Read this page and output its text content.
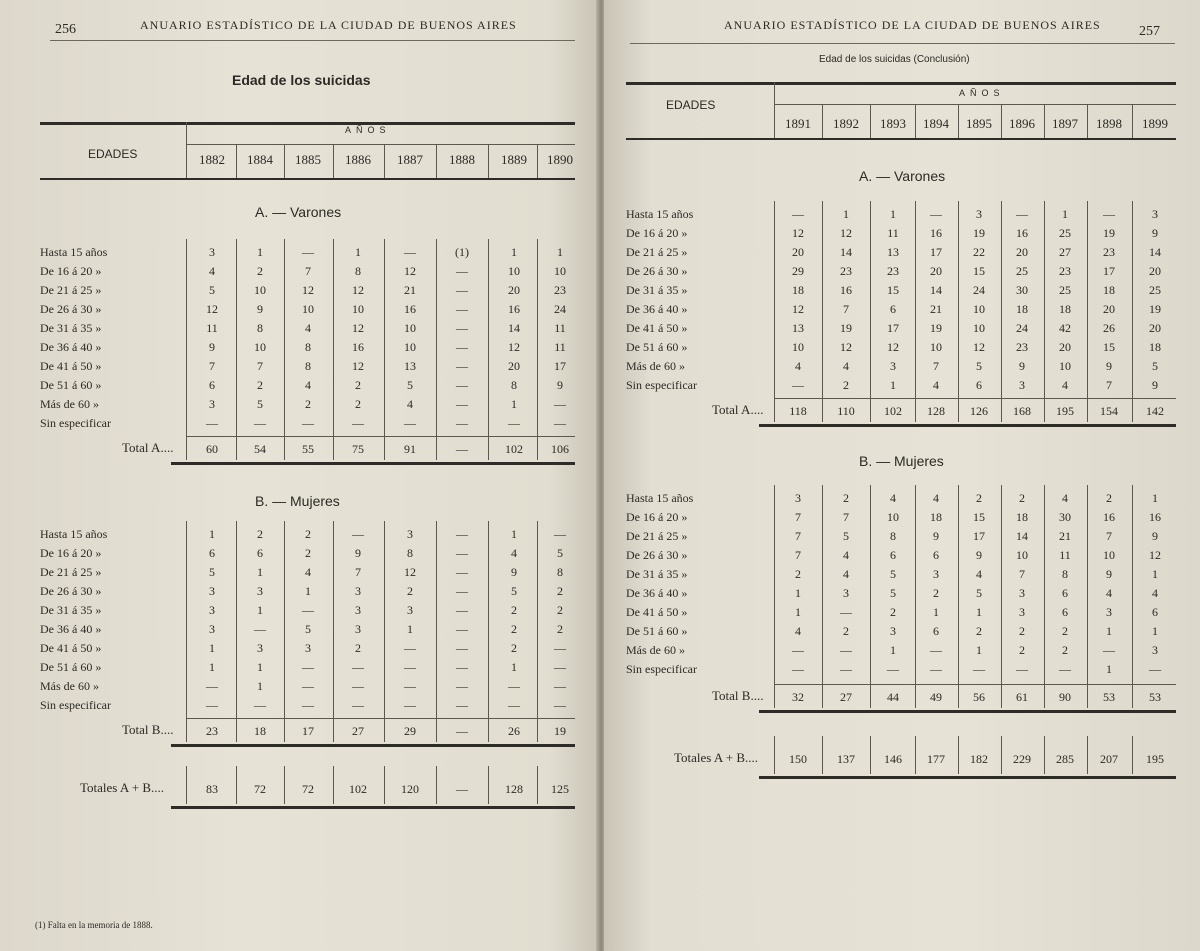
256	ANUARIO ESTADÍSTICO DE LA CIUDAD DE BUENOS AIRES
Edad de los suicidas
(1) Falta en la memoria de 1888.
EDADES
AÑOS
1882	1884	1885	1886	1887	1888	1889	1890
A. — Varones
Hasta 15 años	3	1	—	1	—	(1)	1	1
De 16 á 20 »	4	2	7	8	12	—	10	10
De 21 á 25 »	5	10	12	12	21	—	20	23
De 26 á 30 »	12	9	10	10	16	—	16	24
De 31 á 35 »	11	8	4	12	10	—	14	11
De 36 á 40 »	9	10	8	16	10	—	12	11
De 41 á 50 »	7	7	8	12	13	—	20	17
De 51 á 60 »	6	2	4	2	5	—	8	9
Más de 60 »	3	5	2	2	4	—	1	—
Sin especificar	—	—	—	—	—	—	—	—
Total A....	60	54	55	75	91	—	102	106
B. — Mujeres
Hasta 15 años	1	2	2	—	3	—	1	—
De 16 á 20 »	6	6	2	9	8	—	4	5
De 21 á 25 »	5	1	4	7	12	—	9	8
De 26 á 30 »	3	3	1	3	2	—	5	2
De 31 á 35 »	3	1	—	3	3	—	2	2
De 36 á 40 »	3	—	5	3	1	—	2	2
De 41 á 50 »	1	3	3	2	—	—	2	—
De 51 á 60 »	1	1	—	—	—	—	1	—
Más de 60 »	—	1	—	—	—	—	—	—
Sin especificar	—	—	—	—	—	—	—	—
Total B....	23	18	17	27	29	—	26	19
Totales A + B....	83	72	72	102	120	—	128	125
ANUARIO ESTADÍSTICO DE LA CIUDAD DE BUENOS AIRES	257
Edad de los suicidas (Conclusión)
EDADES
AÑOS
1891	1892	1893	1894	1895	1896	1897	1898	1899
A. — Varones
Hasta 15 años	—	1	1	—	3	—	1	—	3
De 16 á 20 »	12	12	11	16	19	16	25	19	9
De 21 á 25 »	20	14	13	17	22	20	27	23	14
De 26 á 30 »	29	23	23	20	15	25	23	17	20
De 31 á 35 »	18	16	15	14	24	30	25	18	25
De 36 á 40 »	12	7	6	21	10	18	18	20	19
De 41 á 50 »	13	19	17	19	10	24	42	26	20
De 51 á 60 »	10	12	12	10	12	23	20	15	18
Más de 60 »	4	4	3	7	5	9	10	9	5
Sin especificar	—	2	1	4	6	3	4	7	9
Total A....	118	110	102	128	126	168	195	154	142
B. — Mujeres
Hasta 15 años	3	2	4	4	2	2	4	2	1
De 16 á 20 »	7	7	10	18	15	18	30	16	16
De 21 á 25 »	7	5	8	9	17	14	21	7	9
De 26 á 30 »	7	4	6	6	9	10	11	10	12
De 31 á 35 »	2	4	5	3	4	7	8	9	1
De 36 á 40 »	1	3	5	2	5	3	6	4	4
De 41 á 50 »	1	—	2	1	1	3	6	3	6
De 51 á 60 »	4	2	3	6	2	2	2	1	1
Más de 60 »	—	—	1	—	1	2	2	—	3
Sin especificar	—	—	—	—	—	—	—	1	—
Total B....	32	27	44	49	56	61	90	53	53
Totales A + B....	150	137	146	177	182	229	285	207	195
